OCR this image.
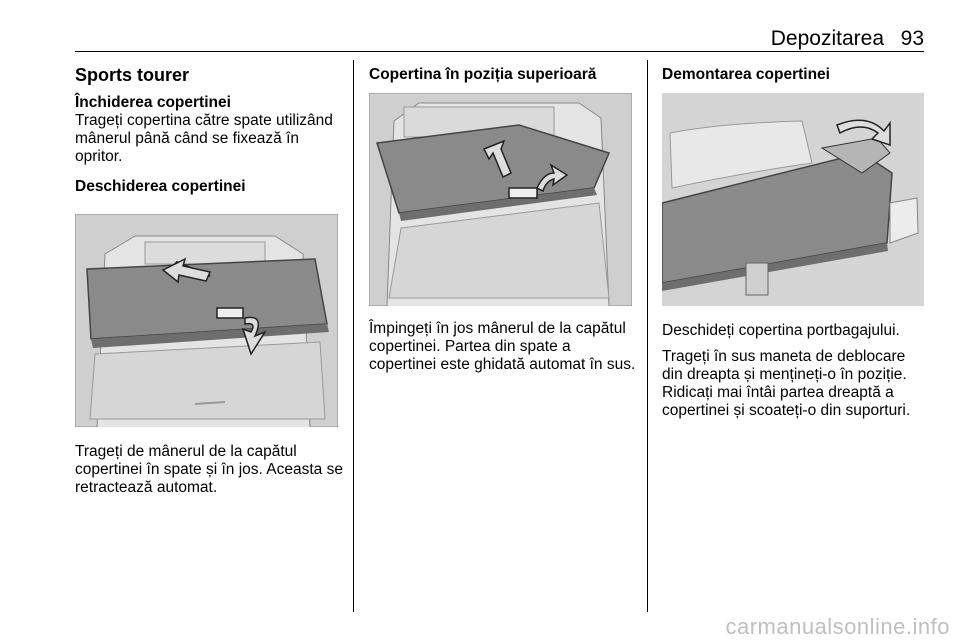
Depozitarea 93
Sports tourer
Închiderea copertinei

Trageți copertina către spate utilizând mânerul până când se fixează în opritor.

Deschiderea copertinei

Trageți de mânerul de la capătul copertinei în spate și în jos. Aceasta se retractează automat.

Copertina în poziția superioară

Împingeți în jos mânerul de la capătul copertinei. Partea din spate a copertinei este ghidată automat în sus.

Demontarea copertinei

Deschideți copertina portbagajului.

Trageți în sus maneta de deblocare din dreapta și mențineți-o în poziție. Ridicați mai întâi partea dreaptă a copertinei și scoateți-o din suporturi.

carmanualsonline.info
